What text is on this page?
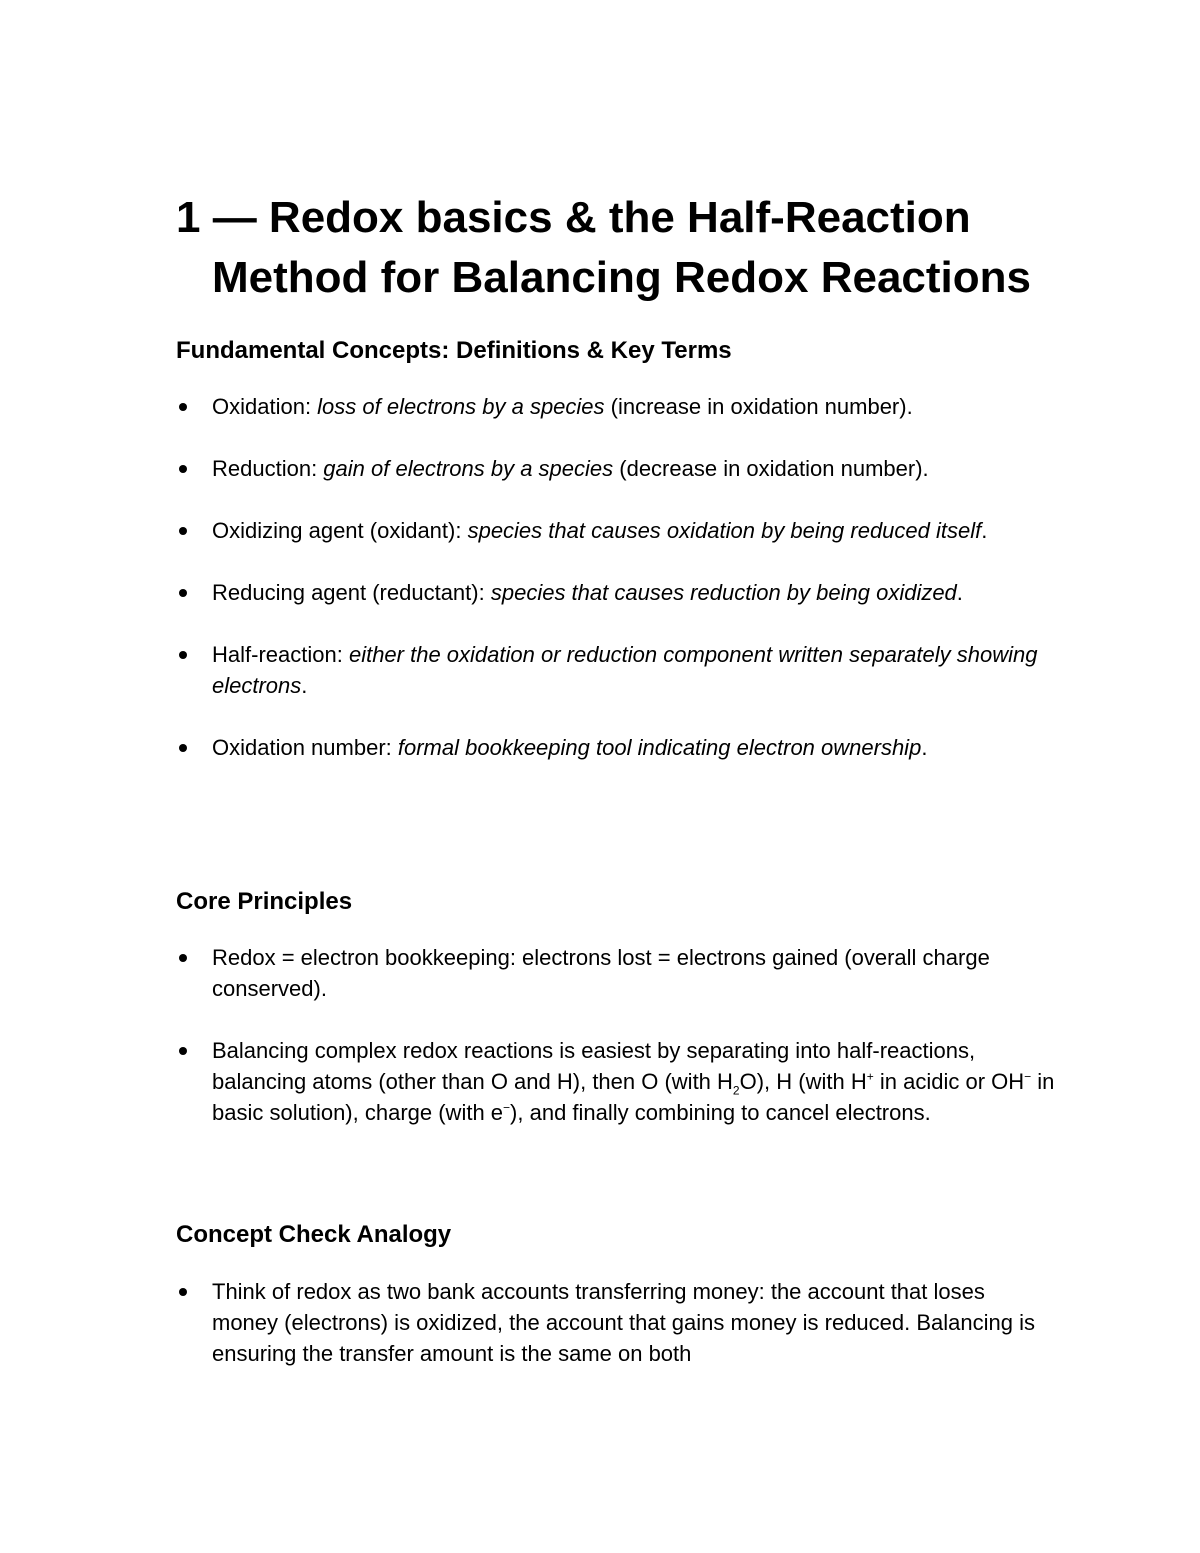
1 — Redox basics & the Half-Reaction Method for Balancing Redox Reactions
Fundamental Concepts: Definitions & Key Terms
Oxidation: loss of electrons by a species (increase in oxidation number).
Reduction: gain of electrons by a species (decrease in oxidation number).
Oxidizing agent (oxidant): species that causes oxidation by being reduced itself.
Reducing agent (reductant): species that causes reduction by being oxidized.
Half-reaction: either the oxidation or reduction component written separately showing electrons.
Oxidation number: formal bookkeeping tool indicating electron ownership.
Core Principles
Redox = electron bookkeeping: electrons lost = electrons gained (overall charge conserved).
Balancing complex redox reactions is easiest by separating into half-reactions, balancing atoms (other than O and H), then O (with $H_2O$), H (with H+ in acidic or OH− in basic solution), charge (with e−), and finally combining to cancel electrons.
Concept Check Analogy
Think of redox as two bank accounts transferring money: the account that loses money (electrons) is oxidized, the account that gains money is reduced. Balancing is ensuring the transfer amount is the same on both
